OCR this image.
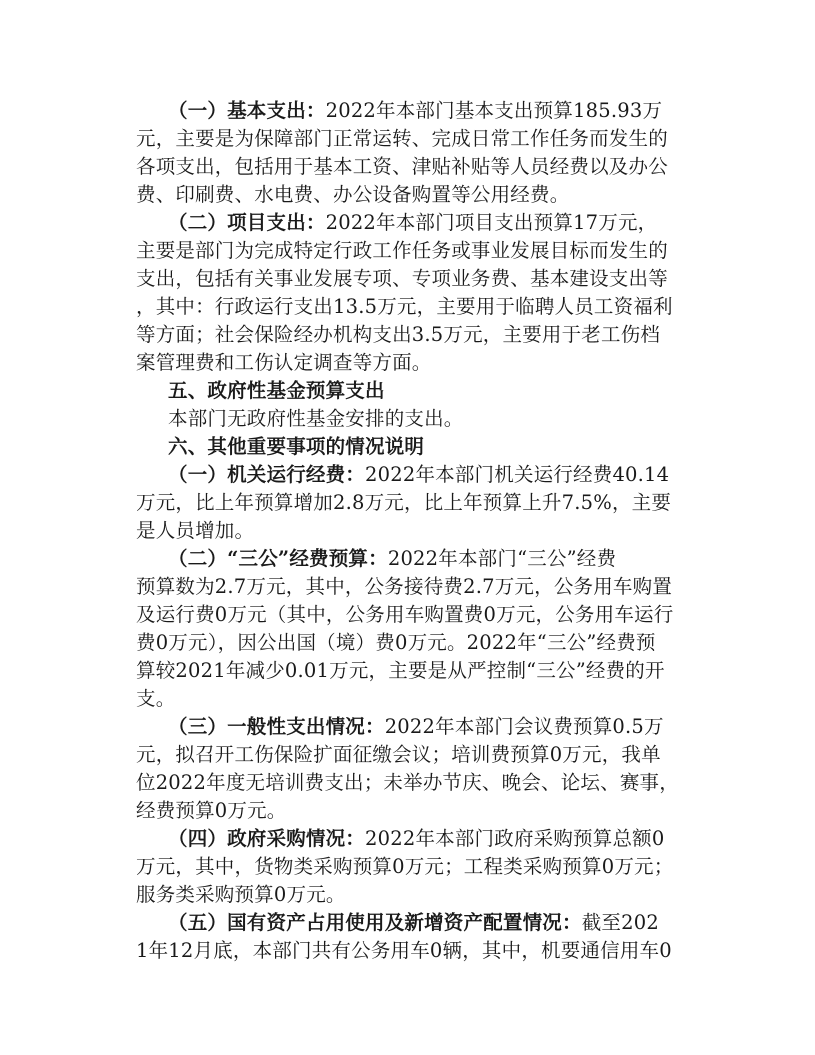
（一）基本支出：2022年本部门基本支出预算185.93万
元，主要是为保障部门正常运转、完成日常工作任务而发生的
各项支出，包括用于基本工资、津贴补贴等人员经费以及办公
费、印刷费、水电费、办公设备购置等公用经费。
（二）项目支出：2022年本部门项目支出预算17万元，
主要是部门为完成特定行政工作任务或事业发展目标而发生的
支出，包括有关事业发展专项、专项业务费、基本建设支出等
，其中：行政运行支出13.5万元，主要用于临聘人员工资福利
等方面；社会保险经办机构支出3.5万元，主要用于老工伤档
案管理费和工伤认定调查等方面。
五、政府性基金预算支出
本部门无政府性基金安排的支出。
六、其他重要事项的情况说明
（一）机关运行经费：2022年本部门机关运行经费40.14
万元，比上年预算增加2.8万元，比上年预算上升7.5%，主要
是人员增加。
（二）“三公”经费预算：2022年本部门“三公”经费
预算数为2.7万元，其中，公务接待费2.7万元，公务用车购置
及运行费0万元（其中，公务用车购置费0万元，公务用车运行
费0万元），因公出国（境）费0万元。2022年“三公”经费预
算较2021年减少0.01万元，主要是从严控制“三公”经费的开
支。
（三）一般性支出情况：2022年本部门会议费预算0.5万
元，拟召开工伤保险扩面征缴会议；培训费预算0万元，我单
位2022年度无培训费支出；未举办节庆、晚会、论坛、赛事，
经费预算0万元。
（四）政府采购情况：2022年本部门政府采购预算总额0
万元，其中，货物类采购预算0万元；工程类采购预算0万元；
服务类采购预算0万元。
（五）国有资产占用使用及新增资产配置情况：截至202
1年12月底，本部门共有公务用车0辆，其中，机要通信用车0
